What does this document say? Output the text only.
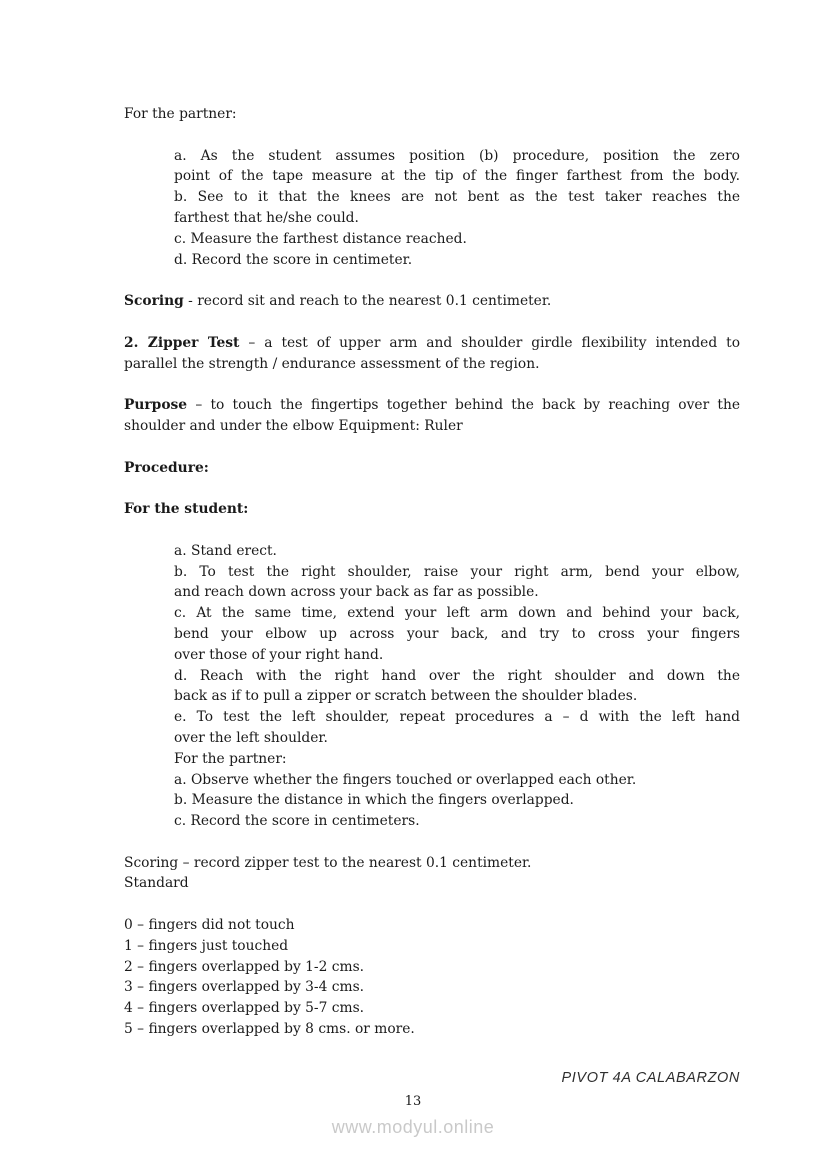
For the partner:
a. As the student assumes position (b) procedure, position the zero
point of the tape measure at the tip of the finger farthest from the body.
b. See to it that the knees are not bent as the test taker reaches the
farthest that he/she could.
c. Measure the farthest distance reached.
d. Record the score in centimeter.
Scoring - record sit and reach to the nearest 0.1 centimeter.
2. Zipper Test – a test of upper arm and shoulder girdle flexibility intended to
parallel the strength / endurance assessment of the region.
Purpose – to touch the fingertips together behind the back by reaching over the
shoulder and under the elbow Equipment: Ruler
Procedure:
For the student:
a. Stand erect.
b. To test the right shoulder, raise your right arm, bend your elbow,
and reach down across your back as far as possible.
c. At the same time, extend your left arm down and behind your back,
bend your elbow up across your back, and try to cross your fingers
over those of your right hand.
d. Reach with the right hand over the right shoulder and down the
back as if to pull a zipper or scratch between the shoulder blades.
e. To test the left shoulder, repeat procedures a – d with the left hand
over the left shoulder.
For the partner:
a. Observe whether the fingers touched or overlapped each other.
b. Measure the distance in which the fingers overlapped.
c. Record the score in centimeters.
Scoring – record zipper test to the nearest 0.1 centimeter.
Standard
0 – fingers did not touch
1 – fingers just touched
2 – fingers overlapped by 1-2 cms.
3 – fingers overlapped by 3-4 cms.
4 – fingers overlapped by 5-7 cms.
5 – fingers overlapped by 8 cms. or more.
PIVOT 4A CALABARZON
13
www.modyul.online
